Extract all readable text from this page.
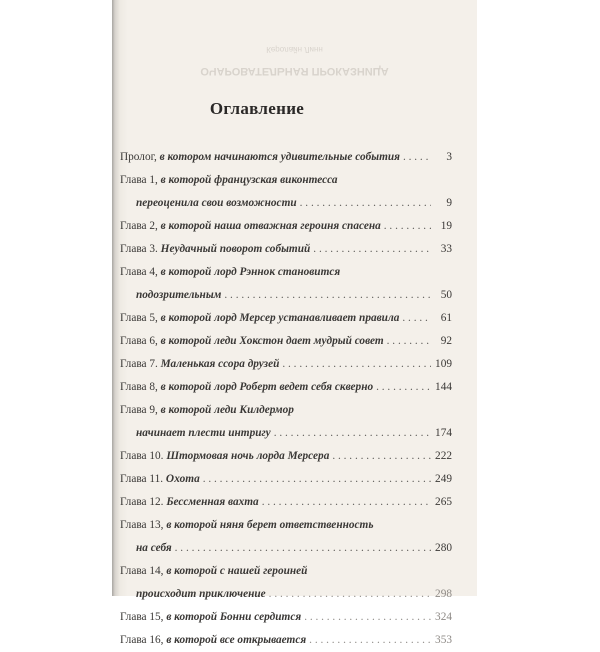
Керолайн Линн
ОЧАРОВАТЕЛЬНАЯ ПРОКАЗНИЦА
Оглавление
Пролог, в котором начинаются удивительные события . . .	3
Глава 1, в которой французская виконтесса
переоценила свои возможности . . .	9
Глава 2, в которой наша отважная героиня спасена . . .	19
Глава 3. Неудачный поворот событий . . .	33
Глава 4, в которой лорд Рэннок становится
подозрительным . . .	50
Глава 5, в которой лорд Мерсер устанавливает правила . . .	61
Глава 6, в которой леди Хокстон дает мудрый совет . . .	92
Глава 7. Маленькая ссора друзей . . .	109
Глава 8, в которой лорд Роберт ведет себя скверно . . .	144
Глава 9, в которой леди Килдермор
начинает плести интригу . . .	174
Глава 10. Штормовая ночь лорда Мерсера . . .	222
Глава 11. Охота . . .	249
Глава 12. Бессменная вахта . . .	265
Глава 13, в которой няня берет ответственность
на себя . . .	280
Глава 14, в которой с нашей героиней
происходит приключение . . .	298
Глава 15, в которой Бонни сердится . . .	324
Глава 16, в которой все открывается . . .	353
